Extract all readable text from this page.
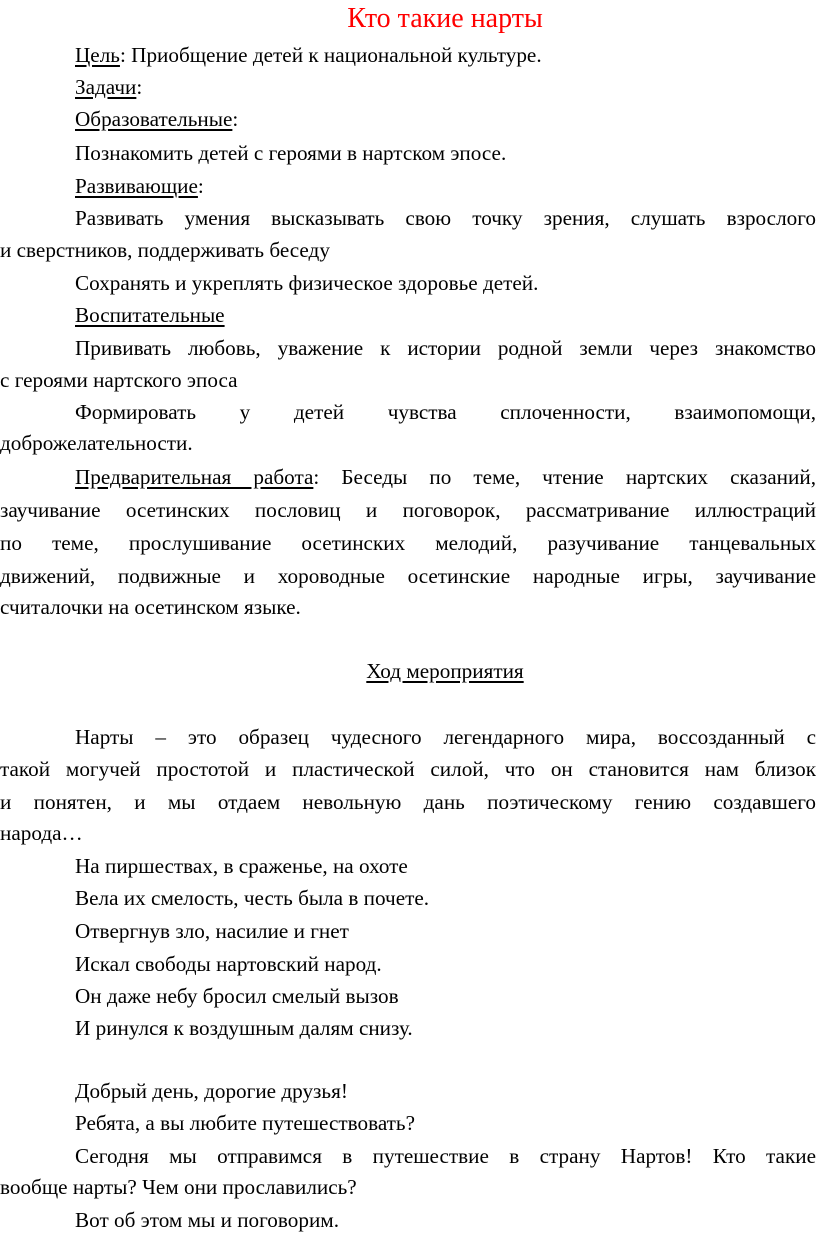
Кто такие нарты
Цель: Приобщение детей к национальной культуре.
Задачи:
Образовательные:
Познакомить детей с героями в нартском эпосе.
Развивающие:
Развивать умения высказывать свою точку зрения, слушать взрослого
и сверстников, поддерживать беседу
Сохранять и укреплять физическое здоровье детей.
Воспитательные
Прививать любовь, уважение к истории родной земли через знакомство
с героями нартского эпоса
Формировать у детей чувства сплоченности, взаимопомощи,
доброжелательности.
Предварительная работа: Беседы по теме, чтение нартских сказаний,
заучивание осетинских пословиц и поговорок, рассматривание иллюстраций
по теме, прослушивание осетинских мелодий, разучивание танцевальных
движений, подвижные и хороводные осетинские народные игры, заучивание
считалочки на осетинском языке.
Ход мероприятия
Нарты – это образец чудесного легендарного мира, воссозданный с
такой могучей простотой и пластической силой, что он становится нам близок
и понятен, и мы отдаем невольную дань поэтическому гению создавшего
народа…
На пиршествах, в сраженье, на охоте
Вела их смелость, честь была в почете.
Отвергнув зло, насилие и гнет
Искал свободы нартовский народ.
Он даже небу бросил смелый вызов
И ринулся к воздушным далям снизу.
Добрый день, дорогие друзья!
Ребята, а вы любите путешествовать?
Сегодня мы отправимся в путешествие в страну Нартов! Кто такие
вообще нарты? Чем они прославились?
Вот об этом мы и поговорим.
